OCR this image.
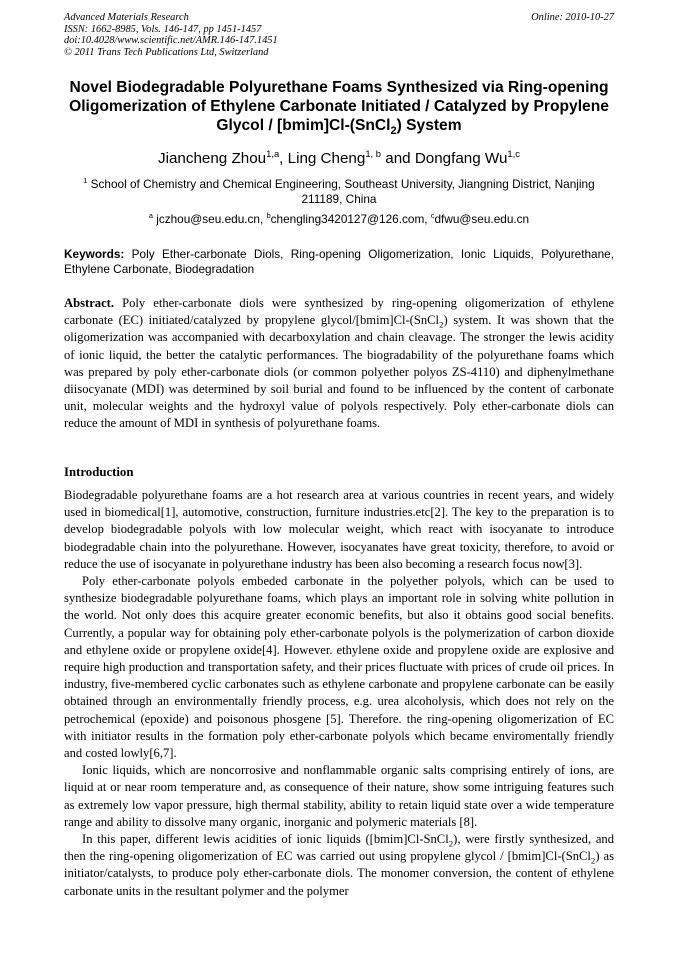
Advanced Materials Research
ISSN: 1662-8985, Vols. 146-147, pp 1451-1457
doi:10.4028/www.scientific.net/AMR.146-147.1451
© 2011 Trans Tech Publications Ltd, Switzerland
Online: 2010-10-27
Novel Biodegradable Polyurethane Foams Synthesized via Ring-opening
Oligomerization of Ethylene Carbonate Initiated / Catalyzed by Propylene
Glycol / [bmim]Cl-(SnCl$_2$) System
Jiancheng Zhou$^{1,a}$, Ling Cheng$^{1, b}$ and Dongfang Wu$^{1,c}$
$^1$ School of Chemistry and Chemical Engineering, Southeast University, Jiangning District, Nanjing 211189, China
$^a$ jczhou@seu.edu.cn, $^b$chengling3420127@126.com, $^c$dfwu@seu.edu.cn
Keywords: Poly Ether-carbonate Diols, Ring-opening Oligomerization, Ionic Liquids, Polyurethane, Ethylene Carbonate, Biodegradation

Abstract. Poly ether-carbonate diols were synthesized by ring-opening oligomerization of ethylene carbonate (EC) initiated/catalyzed by propylene glycol/[bmim]Cl-(SnCl$_2$) system. It was shown that the oligomerization was accompanied with decarboxylation and chain cleavage. The stronger the lewis acidity of ionic liquid, the better the catalytic performances. The biogradability of the polyurethane foams which was prepared by poly ether-carbonate diols (or common polyether polyos ZS-4110) and diphenylmethane diisocyanate (MDI) was determined by soil burial and found to be influenced by the content of carbonate unit, molecular weights and the hydroxyl value of polyols respectively. Poly ether-carbonate diols can reduce the amount of MDI in synthesis of polyurethane foams.

Introduction

Biodegradable polyurethane foams are a hot research area at various countries in recent years, and widely used in biomedical[1], automotive, construction, furniture industries.etc[2]. The key to the preparation is to develop biodegradable polyols with low molecular weight, which react with isocyanate to introduce biodegradable chain into the polyurethane. However, isocyanates have great toxicity, therefore, to avoid or reduce the use of isocyanate in polyurethane industry has been also becoming a research focus now[3].

Poly ether-carbonate polyols embeded carbonate in the polyether polyols, which can be used to synthesize biodegradable polyurethane foams, which plays an important role in solving white pollution in the world. Not only does this acquire greater economic benefits, but also it obtains good social benefits. Currently, a popular way for obtaining poly ether-carbonate polyols is the polymerization of carbon dioxide and ethylene oxide or propylene oxide[4]. However. ethylene oxide and propylene oxide are explosive and require high production and transportation safety, and their prices fluctuate with prices of crude oil prices. In industry, five-membered cyclic carbonates such as ethylene carbonate and propylene carbonate can be easily obtained through an environmentally friendly process, e.g. urea alcoholysis, which does not rely on the petrochemical (epoxide) and poisonous phosgene [5]. Therefore. the ring-opening oligomerization of EC with initiator results in the formation poly ether-carbonate polyols which became enviromentally friendly and costed lowly[6,7].

Ionic liquids, which are noncorrosive and nonflammable organic salts comprising entirely of ions, are liquid at or near room temperature and, as consequence of their nature, show some intriguing features such as extremely low vapor pressure, high thermal stability, ability to retain liquid state over a wide temperature range and ability to dissolve many organic, inorganic and polymeric materials [8].

In this paper, different lewis acidities of ionic liquids ([bmim]Cl-SnCl$_2$), were firstly synthesized, and then the ring-opening oligomerization of EC was carried out using propylene glycol / [bmim]Cl-(SnCl$_2$) as initiator/catalysts, to produce poly ether-carbonate diols. The monomer conversion, the content of ethylene carbonate units in the resultant polymer and the polymer
